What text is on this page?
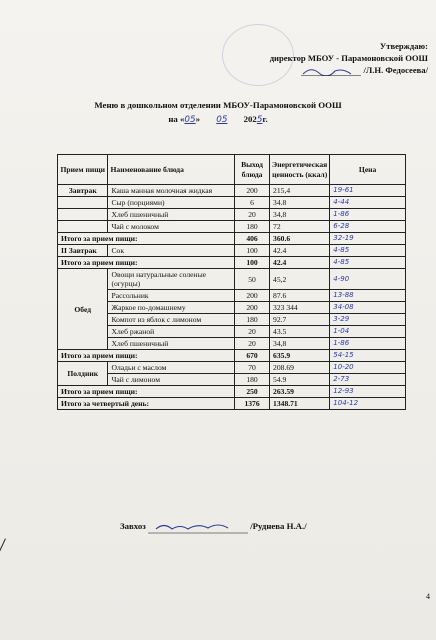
Утверждаю:
директор МБОУ - Парамоновской ООШ
/Л.Н. Федосеева/
Меню в дошкольном отделении МБОУ-Парамоновской ООШ
на «05» 05 2025г.
Прием пищи	Наименование блюда	Выход блюда	Энергетическая ценность (ккал)	Цена
Завтрак	Каша манная молочная жидкая	200	215,4	19-61
	Сыр (порциями)	6	34.8	4-44
	Хлеб пшеничный	20	34,8	1-86
	Чай с молоком	180	72	6-28
Итого за прием пищи:		406	360.6	32-19
II Завтрак	Сок	100	42.4	4-85
Итого за прием пищи:		100	42.4	4-85
Обед	Овощи натуральные соленые (огурцы)	50	45,2	4-90
	Рассольник	200	87.6	13-88
	Жаркое по-домашнему	200	323 344	34-08
	Компот из яблок с лимоном	180	92.7	3-29
	Хлеб ржаной	20	43.5	1-04
	Хлеб пшеничный	20	34,8	1-86
Итого за прием пищи:		670	635.9	54-15
Полдник	Оладьи с маслом	70	208.69	10-20
	Чай с лимоном	180	54.9	2-73
Итого за прием пищи:		250	263.59	12-93
Итого за четвертый день:		1376	1348.71	104-12
Завхоз	/Руднева Н.А./
4
